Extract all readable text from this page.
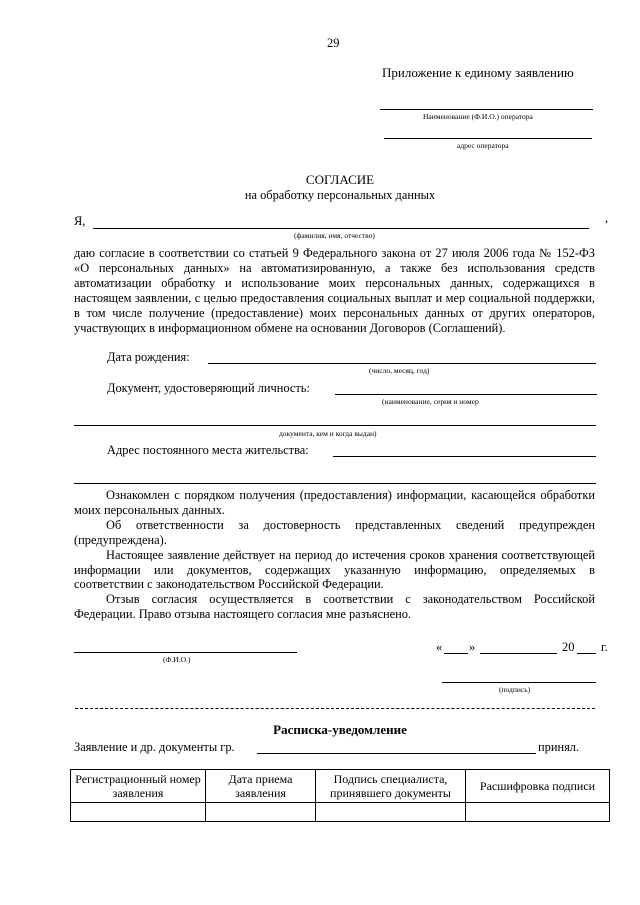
29
Приложение к единому заявлению
Наименование (Ф.И.О.) оператора
адрес оператора
СОГЛАСИЕ
на обработку персональных данных
Я,	,
(фамилия, имя, отчество)
даю согласие в соответствии со статьей 9 Федерального закона от 27 июля 2006 года № 152-ФЗ «О персональных данных» на автоматизированную, а также без использования средств автоматизации обработку и использование моих персональных данных, содержащихся в настоящем заявлении, с целью предоставления социальных выплат и мер социальной поддержки, в том числе получение (предоставление) моих персональных данных от других операторов, участвующих в информационном обмене на основании Договоров (Соглашений).
Дата рождения:
(число, месяц, год)
Документ, удостоверяющий личность:
(наименование, серия и номер
документа, кем и когда выдан)
Адрес постоянного места жительства:

Ознакомлен с порядком получения (предоставления) информации, касающейся обработки моих персональных данных.

Об ответственности за достоверность представленных сведений предупрежден (предупреждена).

Настоящее заявление действует на период до истечения сроков хранения соответствующей информации или документов, содержащих указанную информацию, определяемых в соответствии с законодательством Российской Федерации.

Отзыв согласия осуществляется в соответствии с законодательством Российской Федерации. Право отзыва настоящего согласия мне разъяснено.

(Ф.И.О.)
« »	20 г.
(подпись)
Расписка-уведомление
Заявление и др. документы гр.	принял.
Регистрационный номер заявления	Дата приема заявления	Подпись специалиста, принявшего документы	Расшифровка подписи
